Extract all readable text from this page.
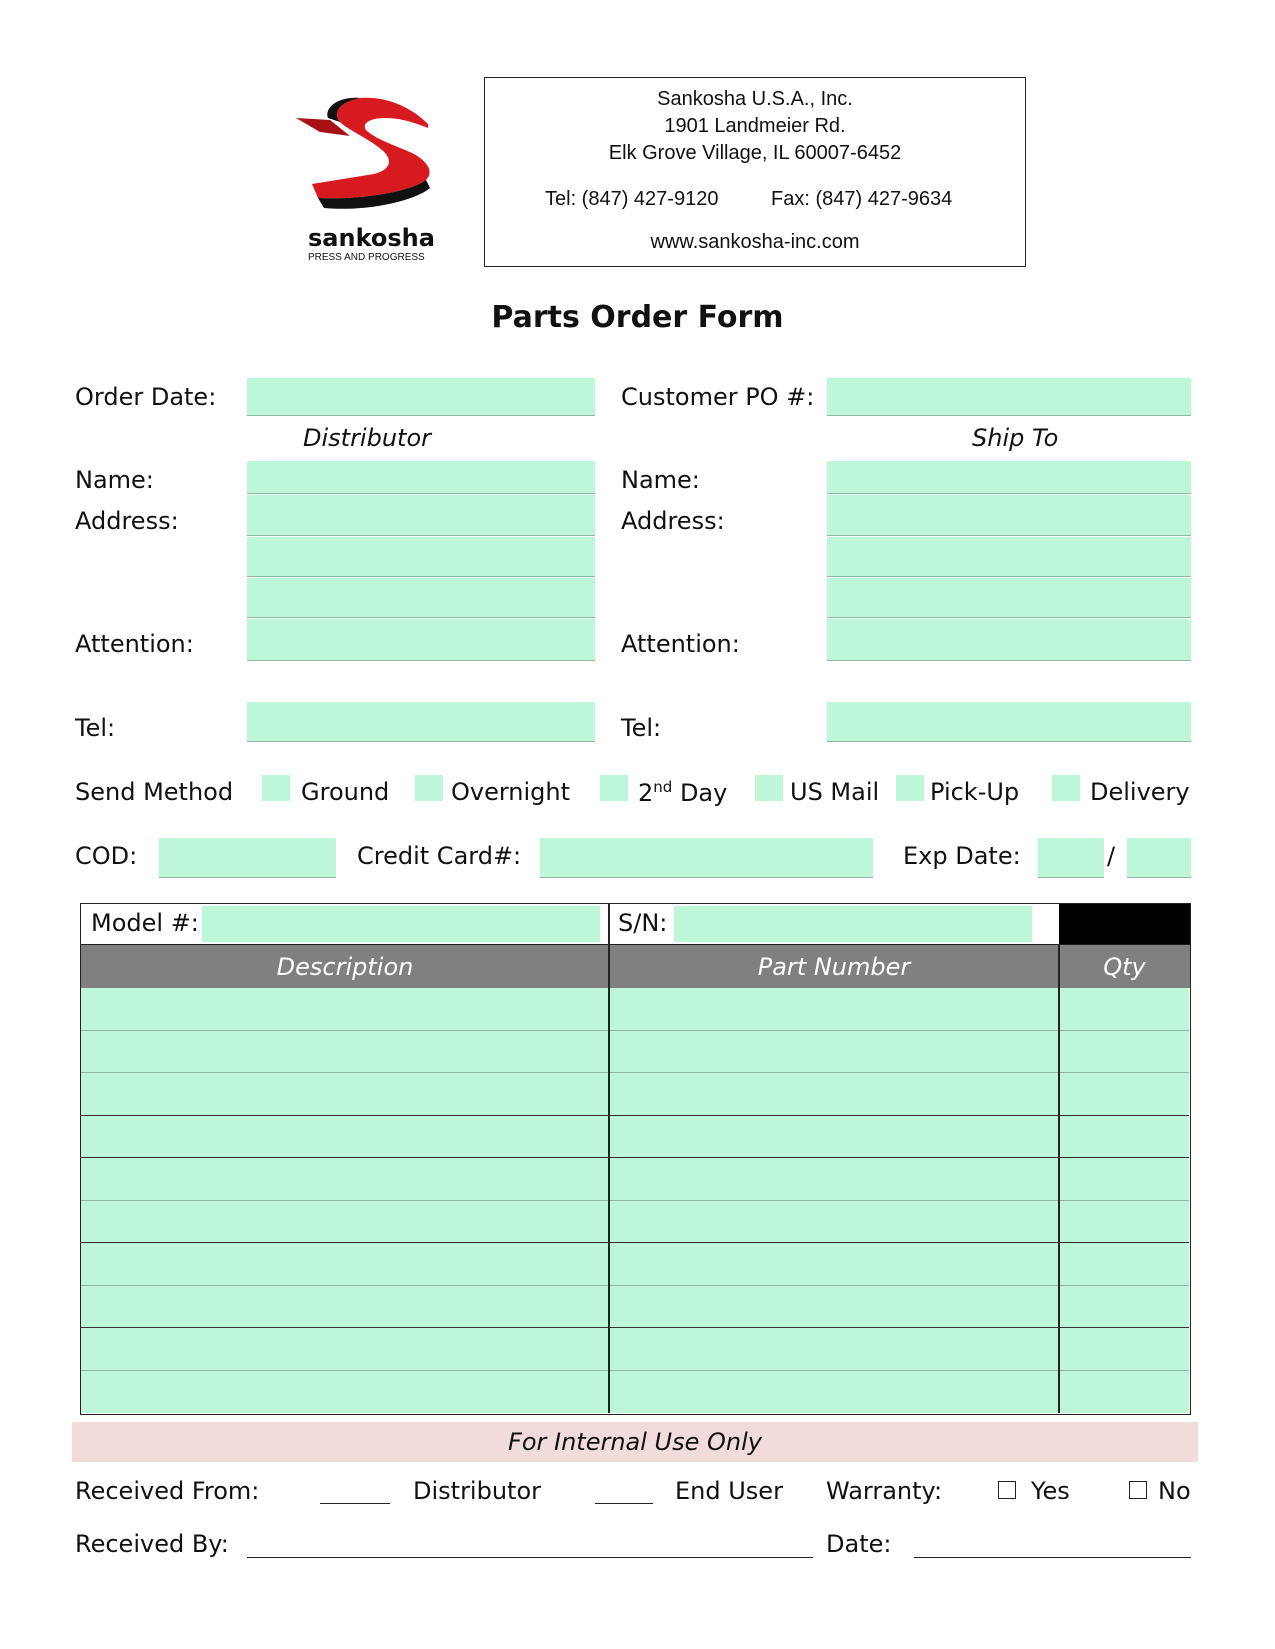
sankosha
PRESS AND PROGRESS
Sankosha U.S.A., Inc.
1901 Landmeier Rd.
Elk Grove Village, IL 60007-6452
Tel: (847) 427-9120	Fax: (847) 427-9634
www.sankosha-inc.com
Parts Order Form
Order Date:	Customer PO #:
Distributor	Ship To
Name:
Address:
Attention:
Tel:
Name:
Address:
Attention:
Tel:
Send Method	Ground	Overnight	2nd Day	US Mail Pick-Up	Delivery
COD:	Credit Card#:	Exp Date:	/
Model #:	S/N:
Description	Part Number	Qty
For Internal Use Only
Received From:	Distributor	End User Warranty:	Yes	No
Received By:	Date:
